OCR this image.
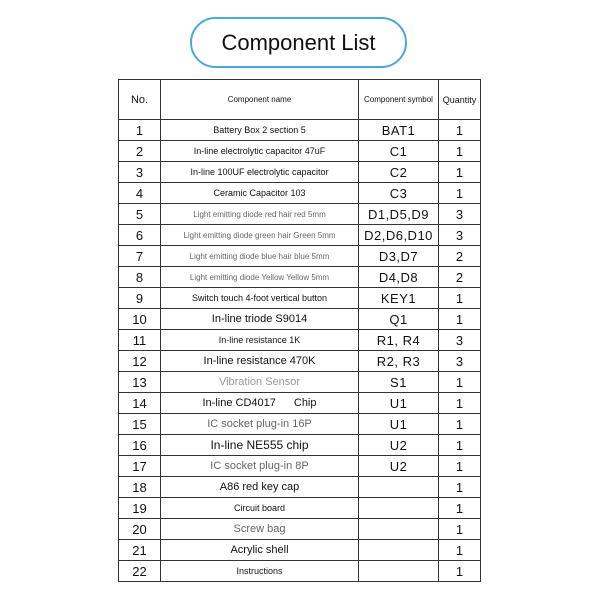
Component List
No.	Component name	Component symbol	Quantity
1	Battery Box 2 section 5	BAT1	1
2	In-line electrolytic capacitor 47uF	C1	1
3	In-line 100UF electrolytic capacitor	C2	1
4	Ceramic Capacitor 103	C3	1
5	Light emitting diode red hair red 5mm	D1,D5,D9	3
6	Light emitting diode green hair Green 5mm	D2,D6,D10	3
7	Light emitting diode blue hair blue 5mm	D3,D7	2
8	Light emitting diode Yellow Yellow 5mm	D4,D8	2
9	Switch touch 4-foot vertical button	KEY1	1
10	In-line triode S9014	Q1	1
11	In-line resistance 1K	R1, R4	3
12	In-line resistance 470K	R2, R3	3
13	Vibration Sensor	S1	1
14	In-line CD4017 Chip	U1	1
15	IC socket plug-in 16P	U1	1
16	In-line NE555 chip	U2	1
17	IC socket plug-in 8P	U2	1
18	A86 red key cap		1
19	Circuit board		1
20	Screw bag		1
21	Acrylic shell		1
22	Instructions		1
